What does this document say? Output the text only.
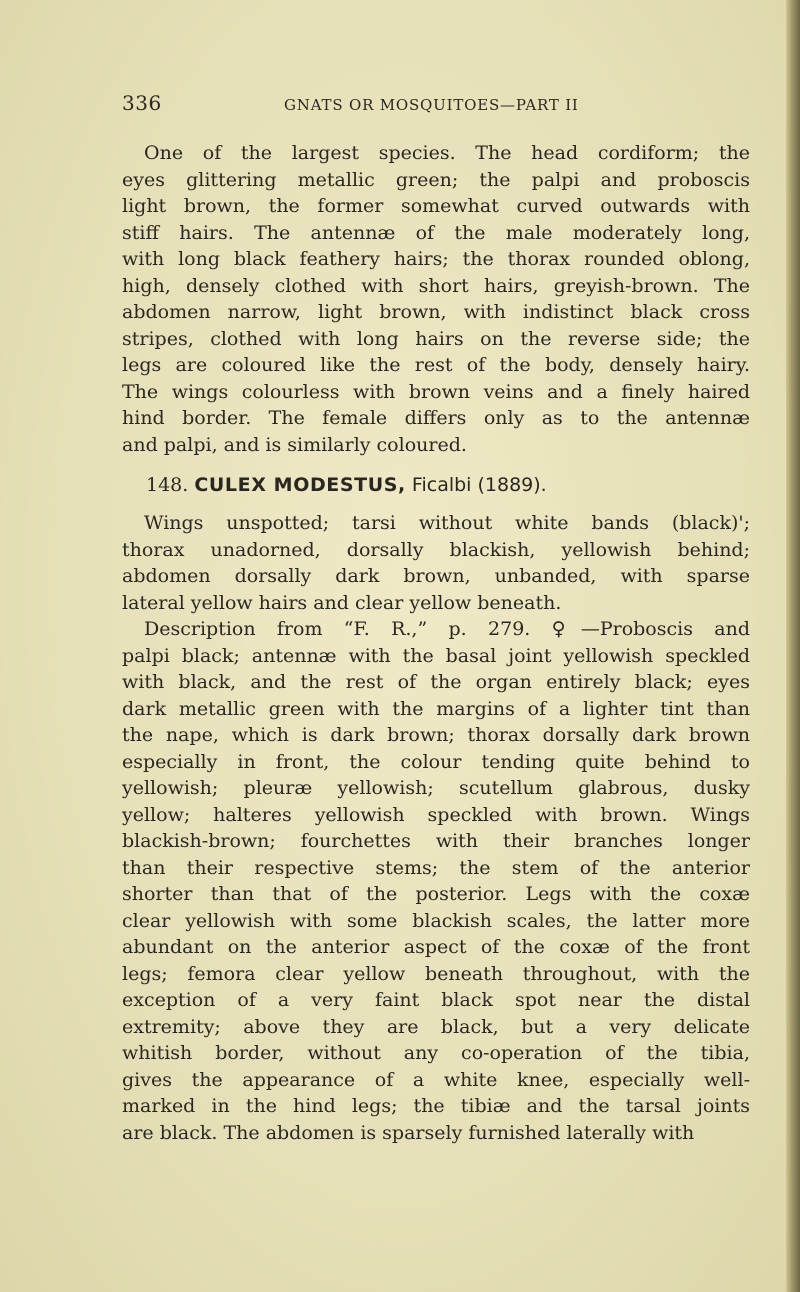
336	GNATS OR MOSQUITOES—PART II
One of the largest species. The head cordiform; the
eyes glittering metallic green; the palpi and proboscis
light brown, the former somewhat curved outwards with
stiff hairs. The antennæ of the male moderately long,
with long black feathery hairs; the thorax rounded oblong,
high, densely clothed with short hairs, greyish-brown. The
abdomen narrow, light brown, with indistinct black cross
stripes, clothed with long hairs on the reverse side; the
legs are coloured like the rest of the body, densely hairy.
The wings colourless with brown veins and a finely haired
hind border. The female differs only as to the antennæ
and palpi, and is similarly coloured.
148. CULEX MODESTUS, Ficalbi (1889).
Wings unspotted; tarsi without white bands (black)';
thorax unadorned, dorsally blackish, yellowish behind;
abdomen dorsally dark brown, unbanded, with sparse
lateral yellow hairs and clear yellow beneath.
Description from “F. R.,” p. 279. ♀—Proboscis and
palpi black; antennæ with the basal joint yellowish speckled
with black, and the rest of the organ entirely black; eyes
dark metallic green with the margins of a lighter tint than
the nape, which is dark brown; thorax dorsally dark brown
especially in front, the colour tending quite behind to
yellowish; pleuræ yellowish; scutellum glabrous, dusky
yellow; halteres yellowish speckled with brown. Wings
blackish-brown; fourchettes with their branches longer
than their respective stems; the stem of the anterior
shorter than that of the posterior. Legs with the coxæ
clear yellowish with some blackish scales, the latter more
abundant on the anterior aspect of the coxæ of the front
legs; femora clear yellow beneath throughout, with the
exception of a very faint black spot near the distal
extremity; above they are black, but a very delicate
whitish border, without any co-operation of the tibia,
gives the appearance of a white knee, especially well-
marked in the hind legs; the tibiæ and the tarsal joints
are black. The abdomen is sparsely furnished laterally with
